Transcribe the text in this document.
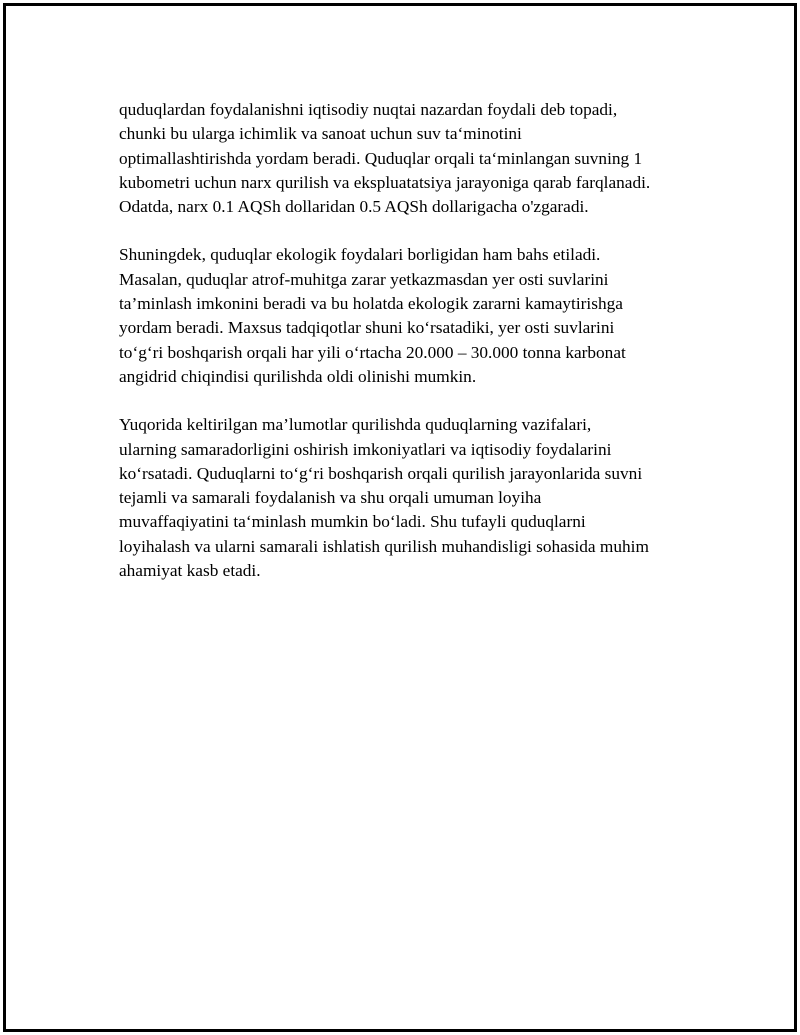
quduqlardan foydalanishni iqtisodiy nuqtai nazardan foydali deb topadi,
chunki bu ularga ichimlik va sanoat uchun suv ta‘minotini
optimallashtirishda yordam beradi. Quduqlar orqali ta‘minlangan suvning 1
kubometri uchun narx qurilish va ekspluatatsiya jarayoniga qarab farqlanadi.
Odatda, narx 0.1 AQSh dollaridan 0.5 AQSh dollarigacha o'zgaradi.

Shuningdek, quduqlar ekologik foydalari borligidan ham bahs etiladi.
Masalan, quduqlar atrof-muhitga zarar yetkazmasdan yer osti suvlarini
ta’minlash imkonini beradi va bu holatda ekologik zararni kamaytirishga
yordam beradi. Maxsus tadqiqotlar shuni ko‘rsatadiki, yer osti suvlarini
to‘g‘ri boshqarish orqali har yili o‘rtacha 20.000 – 30.000 tonna karbonat
angidrid chiqindisi qurilishda oldi olinishi mumkin.

Yuqorida keltirilgan ma’lumotlar qurilishda quduqlarning vazifalari,
ularning samaradorligini oshirish imkoniyatlari va iqtisodiy foydalarini
ko‘rsatadi. Quduqlarni to‘g‘ri boshqarish orqali qurilish jarayonlarida suvni
tejamli va samarali foydalanish va shu orqali umuman loyiha
muvaffaqiyatini ta‘minlash mumkin bo‘ladi. Shu tufayli quduqlarni
loyihalash va ularni samarali ishlatish qurilish muhandisligi sohasida muhim
ahamiyat kasb etadi.
